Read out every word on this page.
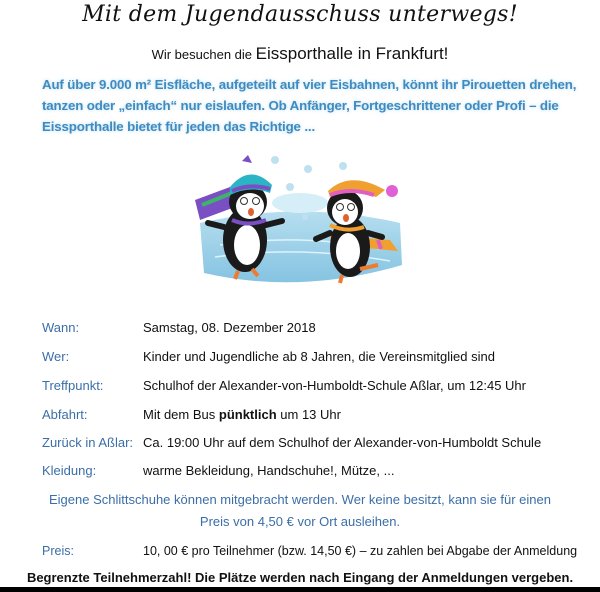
Mit dem Jugendausschuss unterwegs!
Wir besuchen die Eissporthalle in Frankfurt!
Auf über 9.000 m² Eisfläche, aufgeteilt auf vier Eisbahnen, könnt ihr Pirouetten drehen, tanzen oder „einfach“ nur eislaufen. Ob Anfänger, Fortgeschrittener oder Profi – die Eissporthalle bietet für jeden das Richtige ...
Wann:	Samstag, 08. Dezember 2018
Wer:	Kinder und Jugendliche ab 8 Jahren, die Vereinsmitglied sind
Treffpunkt:	Schulhof der Alexander-von-Humboldt-Schule Aßlar, um 12:45 Uhr
Abfahrt:	Mit dem Bus pünktlich um 13 Uhr
Zurück in Aßlar: Ca. 19:00 Uhr auf dem Schulhof der Alexander-von-Humboldt Schule
Kleidung:	warme Bekleidung, Handschuhe!, Mütze, ...
Eigene Schlittschuhe können mitgebracht werden. Wer keine besitzt, kann sie für einen
Preis von 4,50 € vor Ort ausleihen.
Preis:	10, 00 € pro Teilnehmer (bzw. 14,50 €) – zu zahlen bei Abgabe der Anmeldung
Begrenzte Teilnehmerzahl! Die Plätze werden nach Eingang der Anmeldungen vergeben.
